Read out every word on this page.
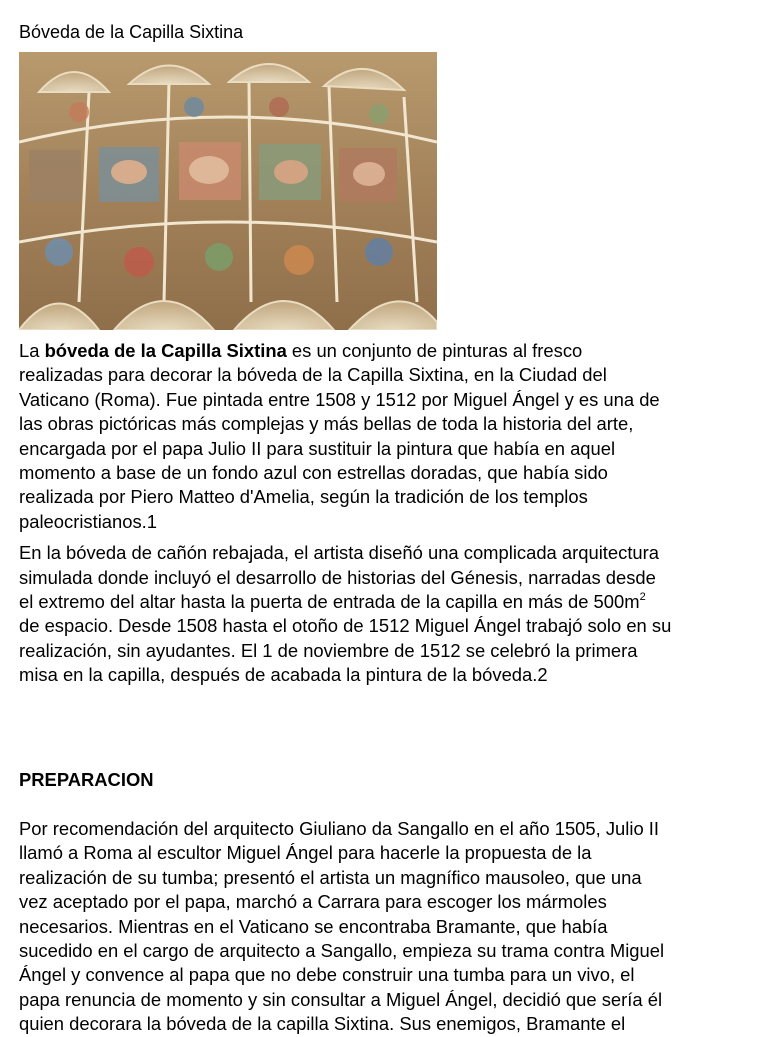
Bóveda de la Capilla Sixtina

La bóveda de la Capilla Sixtina es un conjunto de pinturas al fresco
realizadas para decorar la bóveda de la Capilla Sixtina, en la Ciudad del
Vaticano (Roma). Fue pintada entre 1508 y 1512 por Miguel Ángel y es una de
las obras pictóricas más complejas y más bellas de toda la historia del arte,
encargada por el papa Julio II para sustituir la pintura que había en aquel
momento a base de un fondo azul con estrellas doradas, que había sido
realizada por Piero Matteo d'Amelia, según la tradición de los templos
paleocristianos.1

En la bóveda de cañón rebajada, el artista diseñó una complicada arquitectura
simulada donde incluyó el desarrollo de historias del Génesis, narradas desde
el extremo del altar hasta la puerta de entrada de la capilla en más de $500m^2$
de espacio. Desde 1508 hasta el otoño de 1512 Miguel Ángel trabajó solo en su
realización, sin ayudantes. El 1 de noviembre de 1512 se celebró la primera
misa en la capilla, después de acabada la pintura de la bóveda.2

PREPARACION

Por recomendación del arquitecto Giuliano da Sangallo en el año 1505, Julio II
llamó a Roma al escultor Miguel Ángel para hacerle la propuesta de la
realización de su tumba; presentó el artista un magnífico mausoleo, que una
vez aceptado por el papa, marchó a Carrara para escoger los mármoles
necesarios. Mientras en el Vaticano se encontraba Bramante, que había
sucedido en el cargo de arquitecto a Sangallo, empieza su trama contra Miguel
Ángel y convence al papa que no debe construir una tumba para un vivo, el
papa renuncia de momento y sin consultar a Miguel Ángel, decidió que sería él
quien decorara la bóveda de la capilla Sixtina. Sus enemigos, Bramante el
